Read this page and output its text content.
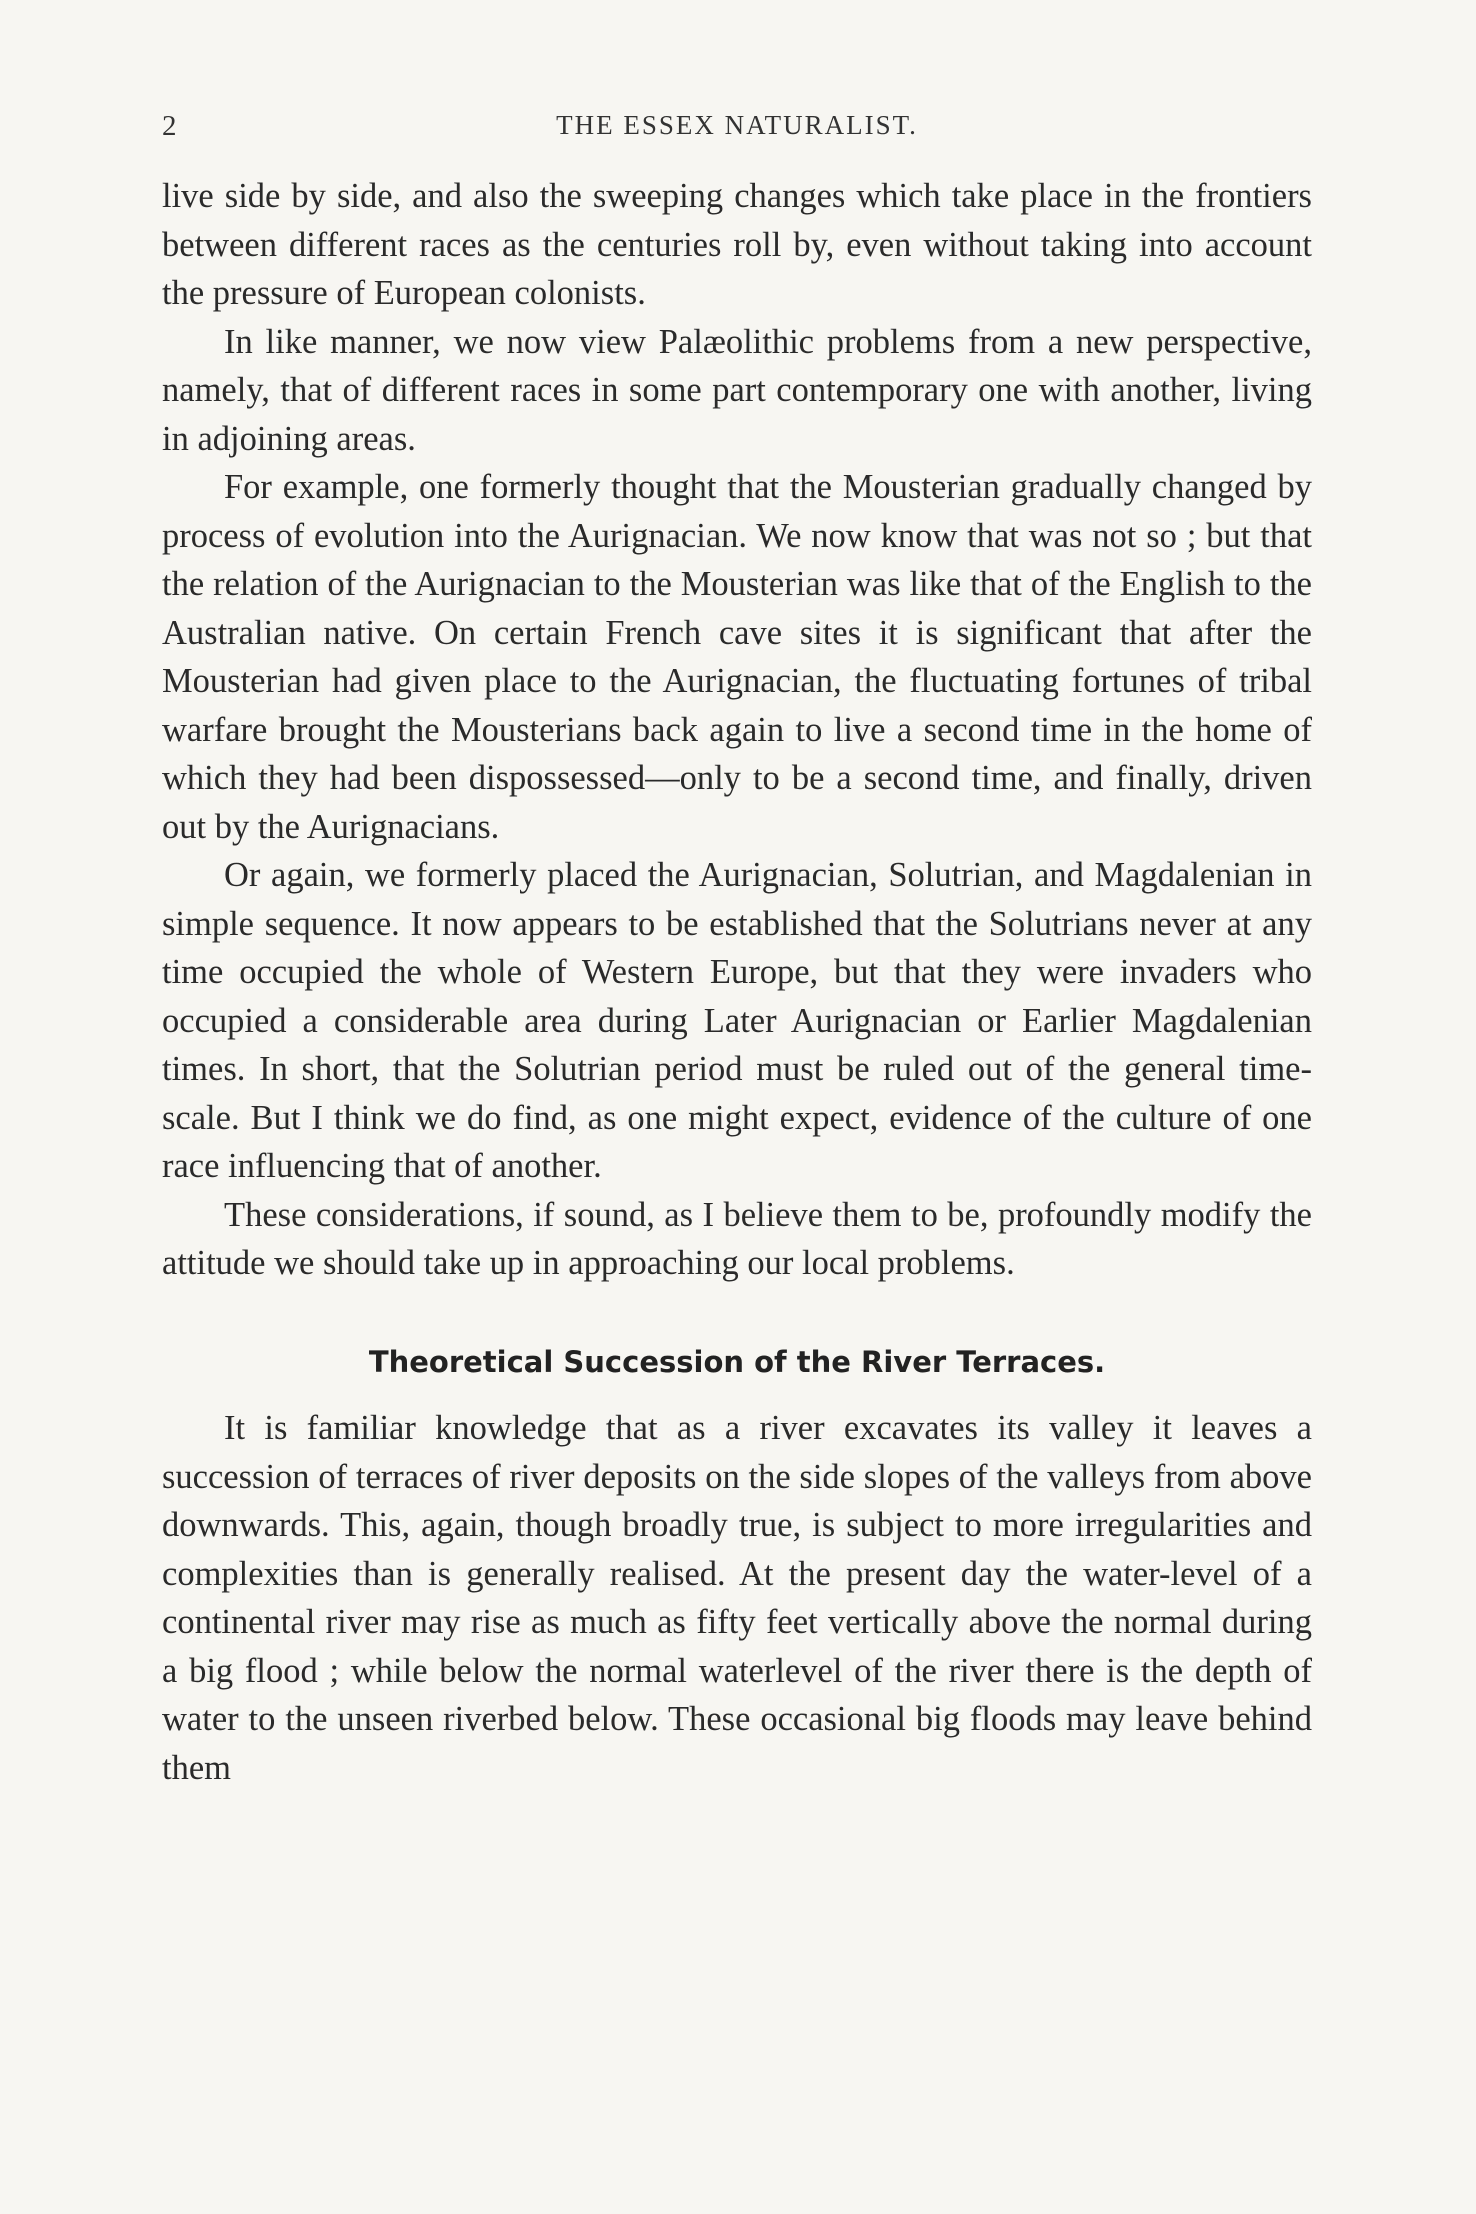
2	THE ESSEX NATURALIST.

live side by side, and also the sweeping changes which take place in the frontiers between different races as the centuries roll by, even without taking into account the pressure of European colonists.

In like manner, we now view Palæolithic problems from a new perspective, namely, that of different races in some part contemporary one with another, living in adjoining areas.

For example, one formerly thought that the Mousterian gradually changed by process of evolution into the Aurignacian. We now know that was not so ; but that the relation of the Aurignacian to the Mousterian was like that of the English to the Australian native. On certain French cave sites it is significant that after the Mousterian had given place to the Aurignacian, the fluctuating fortunes of tribal warfare brought the Mousterians back again to live a second time in the home of which they had been dispossessed—only to be a second time, and finally, driven out by the Aurignacians.

Or again, we formerly placed the Aurignacian, Solutrian, and Magdalenian in simple sequence. It now appears to be established that the Solutrians never at any time occupied the whole of Western Europe, but that they were invaders who occupied a considerable area during Later Aurignacian or Earlier Magdalenian times. In short, that the Solutrian period must be ruled out of the general time-scale. But I think we do find, as one might expect, evidence of the culture of one race influencing that of another.

These considerations, if sound, as I believe them to be, profoundly modify the attitude we should take up in approaching our local problems.

Theoretical Succession of the River Terraces.

It is familiar knowledge that as a river excavates its valley it leaves a succession of terraces of river deposits on the side slopes of the valleys from above downwards. This, again, though broadly true, is subject to more irregularities and complexities than is generally realised. At the present day the water-level of a continental river may rise as much as fifty feet vertically above the normal during a big flood ; while below the normal waterlevel of the river there is the depth of water to the unseen riverbed below. These occasional big floods may leave behind them
